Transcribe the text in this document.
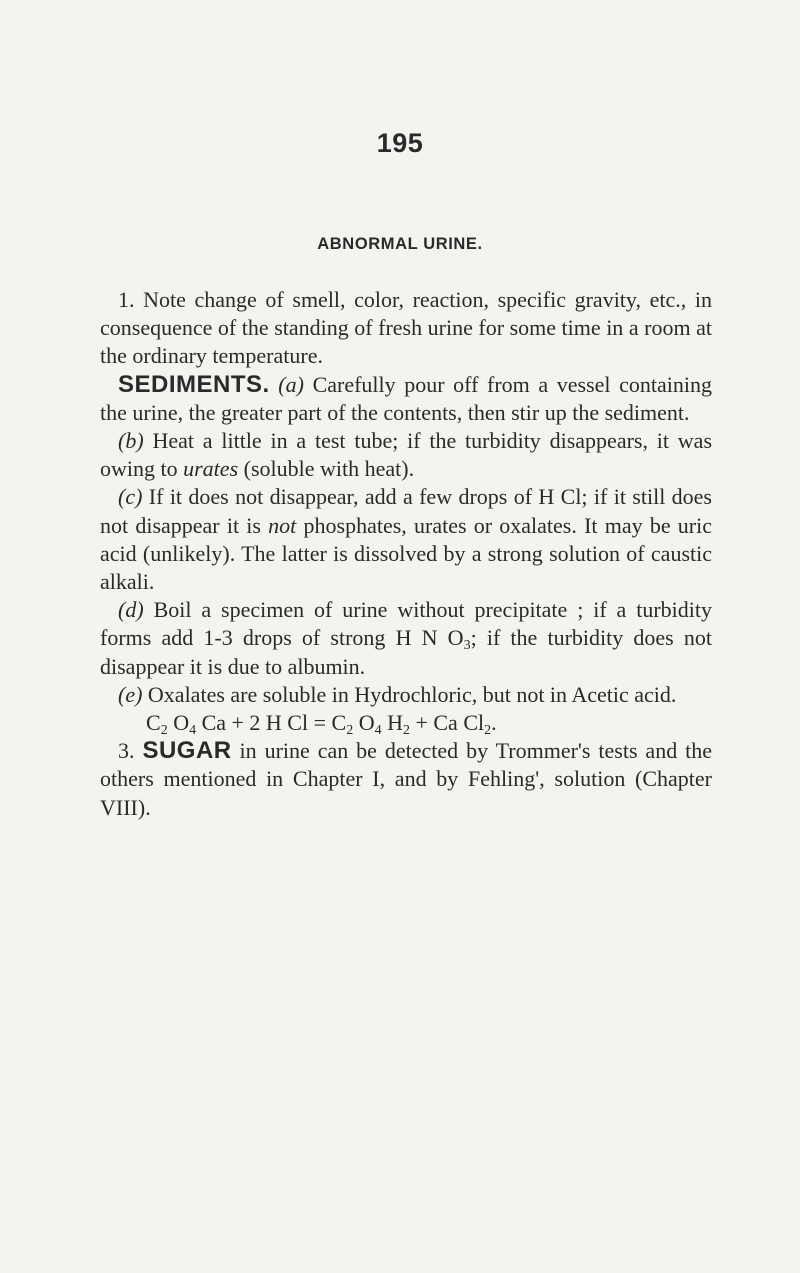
195
ABNORMAL URINE.

1. Note change of smell, color, reaction, specific gravity, etc., in consequence of the standing of fresh urine for some time in a room at the ordinary temperature.

SEDIMENTS. (a) Carefully pour off from a vessel containing the urine, the greater part of the contents, then stir up the sediment.

(b) Heat a little in a test tube; if the turbidity disappears, it was owing to urates (soluble with heat).

(c) If it does not disappear, add a few drops of H Cl; if it still does not disappear it is not phosphates, urates or oxalates. It may be uric acid (unlikely). The latter is dissolved by a strong solution of caustic alkali.

(d) Boil a specimen of urine without precipitate ; if a turbidity forms add 1-3 drops of strong H N $O_3$; if the turbidity does not disappear it is due to albumin.

(e) Oxalates are soluble in Hydrochloric, but not in Acetic acid.

$C_2$ $O_4$ Ca + 2 H $Cl = C_2$ $O_4$ $H_2 + Ca$ $Cl_2$.

3. SUGAR in urine can be detected by Trommer's tests and the others mentioned in Chapter I, and by Fehling', solution (Chapter VIII).
